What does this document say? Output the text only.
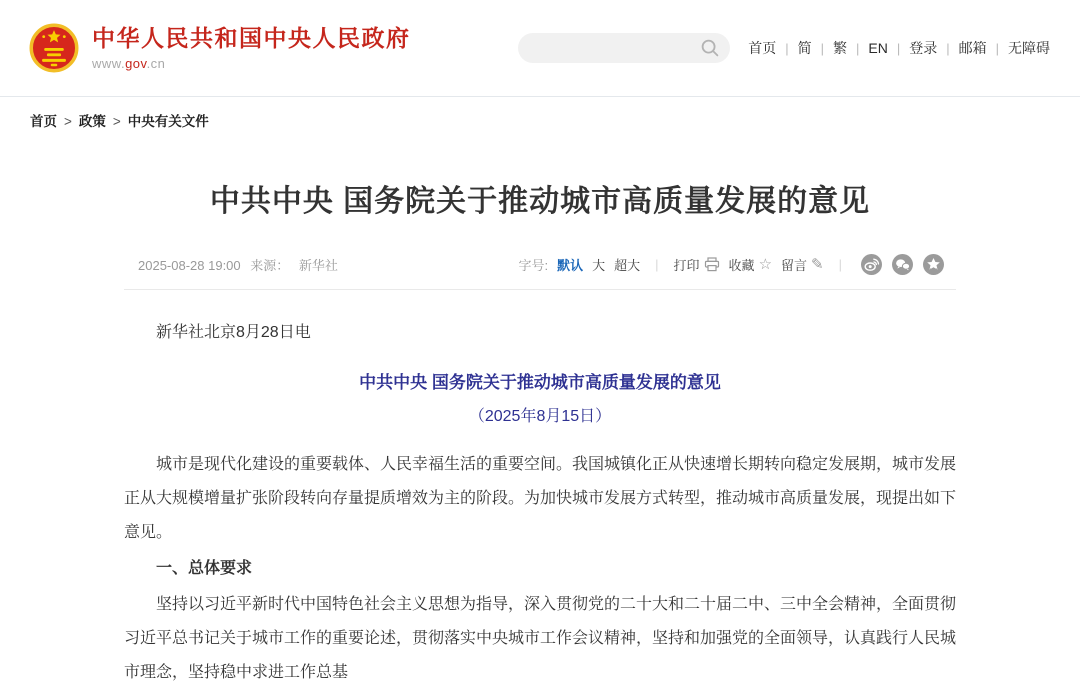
中华人民共和国中央人民政府
www.gov.cn
首页 | 简 | 繁 | EN | 登录 | 邮箱 | 无障碍
首页 > 政策 > 中央有关文件
中共中央 国务院关于推动城市高质量发展的意见
2025-08-28 19:00 来源： 新华社	字号: 默认 大 超大 | 打印 收藏 ☆ 留言 ✎ |

新华社北京8月28日电

中共中央 国务院关于推动城市高质量发展的意见

（2025年8月15日）

城市是现代化建设的重要载体、人民幸福生活的重要空间。我国城镇化正从快速增长期转向稳定发展期，城市发展正从大规模增量扩张阶段转向存量提质增效为主的阶段。为加快城市发展方式转型，推动城市高质量发展，现提出如下意见。

一、总体要求

坚持以习近平新时代中国特色社会主义思想为指导，深入贯彻党的二十大和二十届二中、三中全会精神，全面贯彻习近平总书记关于城市工作的重要论述，贯彻落实中央城市工作会议精神，坚持和加强党的全面领导，认真践行人民城市理念，坚持稳中求进工作总基
